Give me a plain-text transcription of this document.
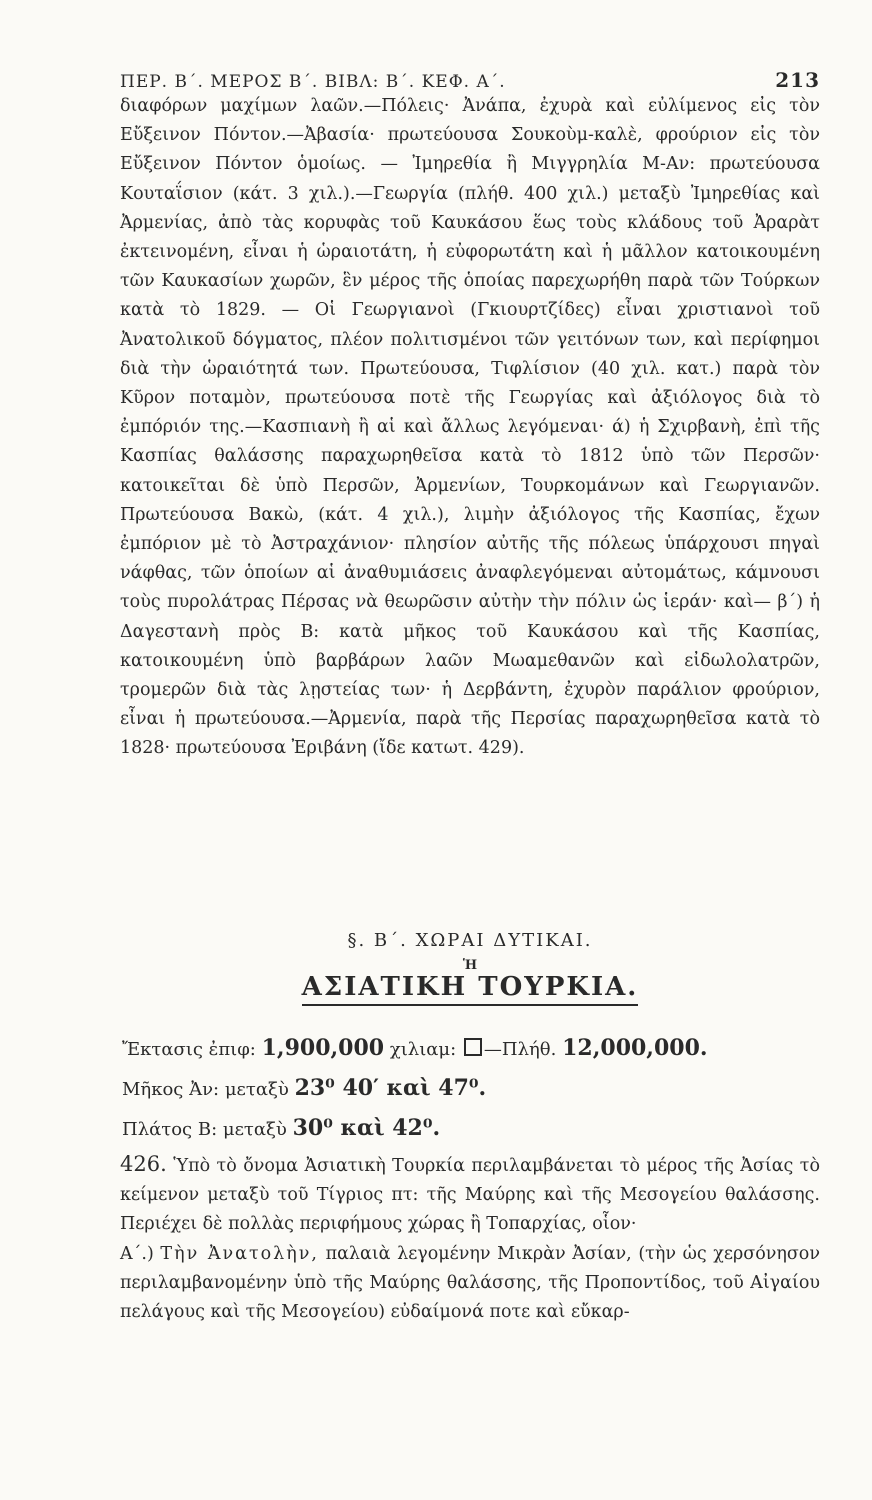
ΠΕΡ. Β΄. ΜΕΡΟΣ Β΄. ΒΙΒΛ: Β΄. ΚΕΦ. Α΄.	213

διαφόρων μαχίμων λαῶν.—Πόλεις· Ἀνάπα, ἐχυρὰ καὶ εὐλίμενος εἰς τὸν Εὔξεινον Πόντον.—Ἀβασία· πρωτεύουσα Σουκοὺμ-καλὲ, φρούριον εἰς τὸν Εὔξεινον Πόντον ὁμοίως. — Ἰμηρεθία ἢ Μιγγρηλία Μ-Αν: πρωτεύουσα Κουταΐσιον (κάτ. 3 χιλ.).—Γεωργία (πλήθ. 400 χιλ.) μεταξὺ Ἰμηρεθίας καὶ Ἀρμενίας, ἀπὸ τὰς κορυφὰς τοῦ Καυκάσου ἕως τοὺς κλάδους τοῦ Ἀραρὰτ ἐκτεινομένη, εἶναι ἡ ὡραιοτάτη, ἡ εὐφορωτάτη καὶ ἡ μᾶλλον κατοικουμένη τῶν Καυκασίων χωρῶν, ἓν μέρος τῆς ὁποίας παρεχωρήθη παρὰ τῶν Τούρκων κατὰ τὸ 1829. — Οἱ Γεωργιανοὶ (Γκιουρτζίδες) εἶναι χριστιανοὶ τοῦ Ἀνατολικοῦ δόγματος, πλέον πολιτισμένοι τῶν γειτόνων των, καὶ περίφημοι διὰ τὴν ὡραιότητά των. Πρωτεύουσα, Τιφλίσιον (40 χιλ. κατ.) παρὰ τὸν Κῦρον ποταμὸν, πρωτεύουσα ποτὲ τῆς Γεωργίας καὶ ἀξιόλογος διὰ τὸ ἐμπόριόν της.—Κασπιανὴ ἢ αἱ καὶ ἄλλως λεγόμεναι· ά) ἡ Σχιρβανὴ, ἐπὶ τῆς Κασπίας θαλάσσης παραχωρηθεῖσα κατὰ τὸ 1812 ὑπὸ τῶν Περσῶν· κατοικεῖται δὲ ὑπὸ Περσῶν, Ἀρμενίων, Τουρκομάνων καὶ Γεωργιανῶν. Πρωτεύουσα Βακὼ, (κάτ. 4 χιλ.), λιμὴν ἀξιόλογος τῆς Κασπίας, ἔχων ἐμπόριον μὲ τὸ Ἀστραχάνιον· πλησίον αὐτῆς τῆς πόλεως ὑπάρχουσι πηγαὶ νάφθας, τῶν ὁποίων αἱ ἀναθυμιάσεις ἀναφλεγόμεναι αὐτομάτως, κάμνουσι τοὺς πυρολάτρας Πέρσας νὰ θεωρῶσιν αὐτὴν τὴν πόλιν ὡς ἱεράν· καὶ— β΄) ἡ Δαγεστανὴ πρὸς Β: κατὰ μῆκος τοῦ Καυκάσου καὶ τῆς Κασπίας, κατοικουμένη ὑπὸ βαρβάρων λαῶν Μωαμεθανῶν καὶ εἰδωλολατρῶν, τρομερῶν διὰ τὰς λῃστείας των· ἡ Δερβάντη, ἐχυρὸν παράλιον φρούριον, εἶναι ἡ πρωτεύουσα.—Ἀρμενία, παρὰ τῆς Περσίας παραχωρηθεῖσα κατὰ τὸ 1828· πρωτεύουσα Ἐριβάνη (ἴδε κατωτ. 429).

§. Β΄. ΧΩΡΑΙ ΔΥΤΙΚΑΙ.
Ἡ
ΑΣΙΑΤΙΚΗ ΤΟΥΡΚΙΑ.
Ἔκτασις ἐπιφ: 1,900,000 χιλιαμ: —Πλήθ. 12,000,000.
Μῆκος Ἀν: μεταξὺ 23⁰ 40′ καὶ 47⁰.
Πλάτος Β: μεταξὺ 30⁰ καὶ 42⁰.

426. Ὑπὸ τὸ ὄνομα Ἀσιατικὴ Τουρκία περιλαμβάνεται τὸ μέρος τῆς Ἀσίας τὸ κείμενον μεταξὺ τοῦ Τίγριος πτ: τῆς Μαύρης καὶ τῆς Μεσογείου θαλάσσης. Περιέχει δὲ πολλὰς περιφήμους χώρας ἢ Τοπαρχίας, οἷον·

Α΄.) Τὴν Ἀνατολὴν, παλαιὰ λεγομένην Μικρὰν Ἀσίαν, (τὴν ὡς χερσόνησον περιλαμβανομένην ὑπὸ τῆς Μαύρης θαλάσσης, τῆς Προποντίδος, τοῦ Αἰγαίου πελάγους καὶ τῆς Μεσογείου) εὐδαίμονά ποτε καὶ εὔκαρ-
